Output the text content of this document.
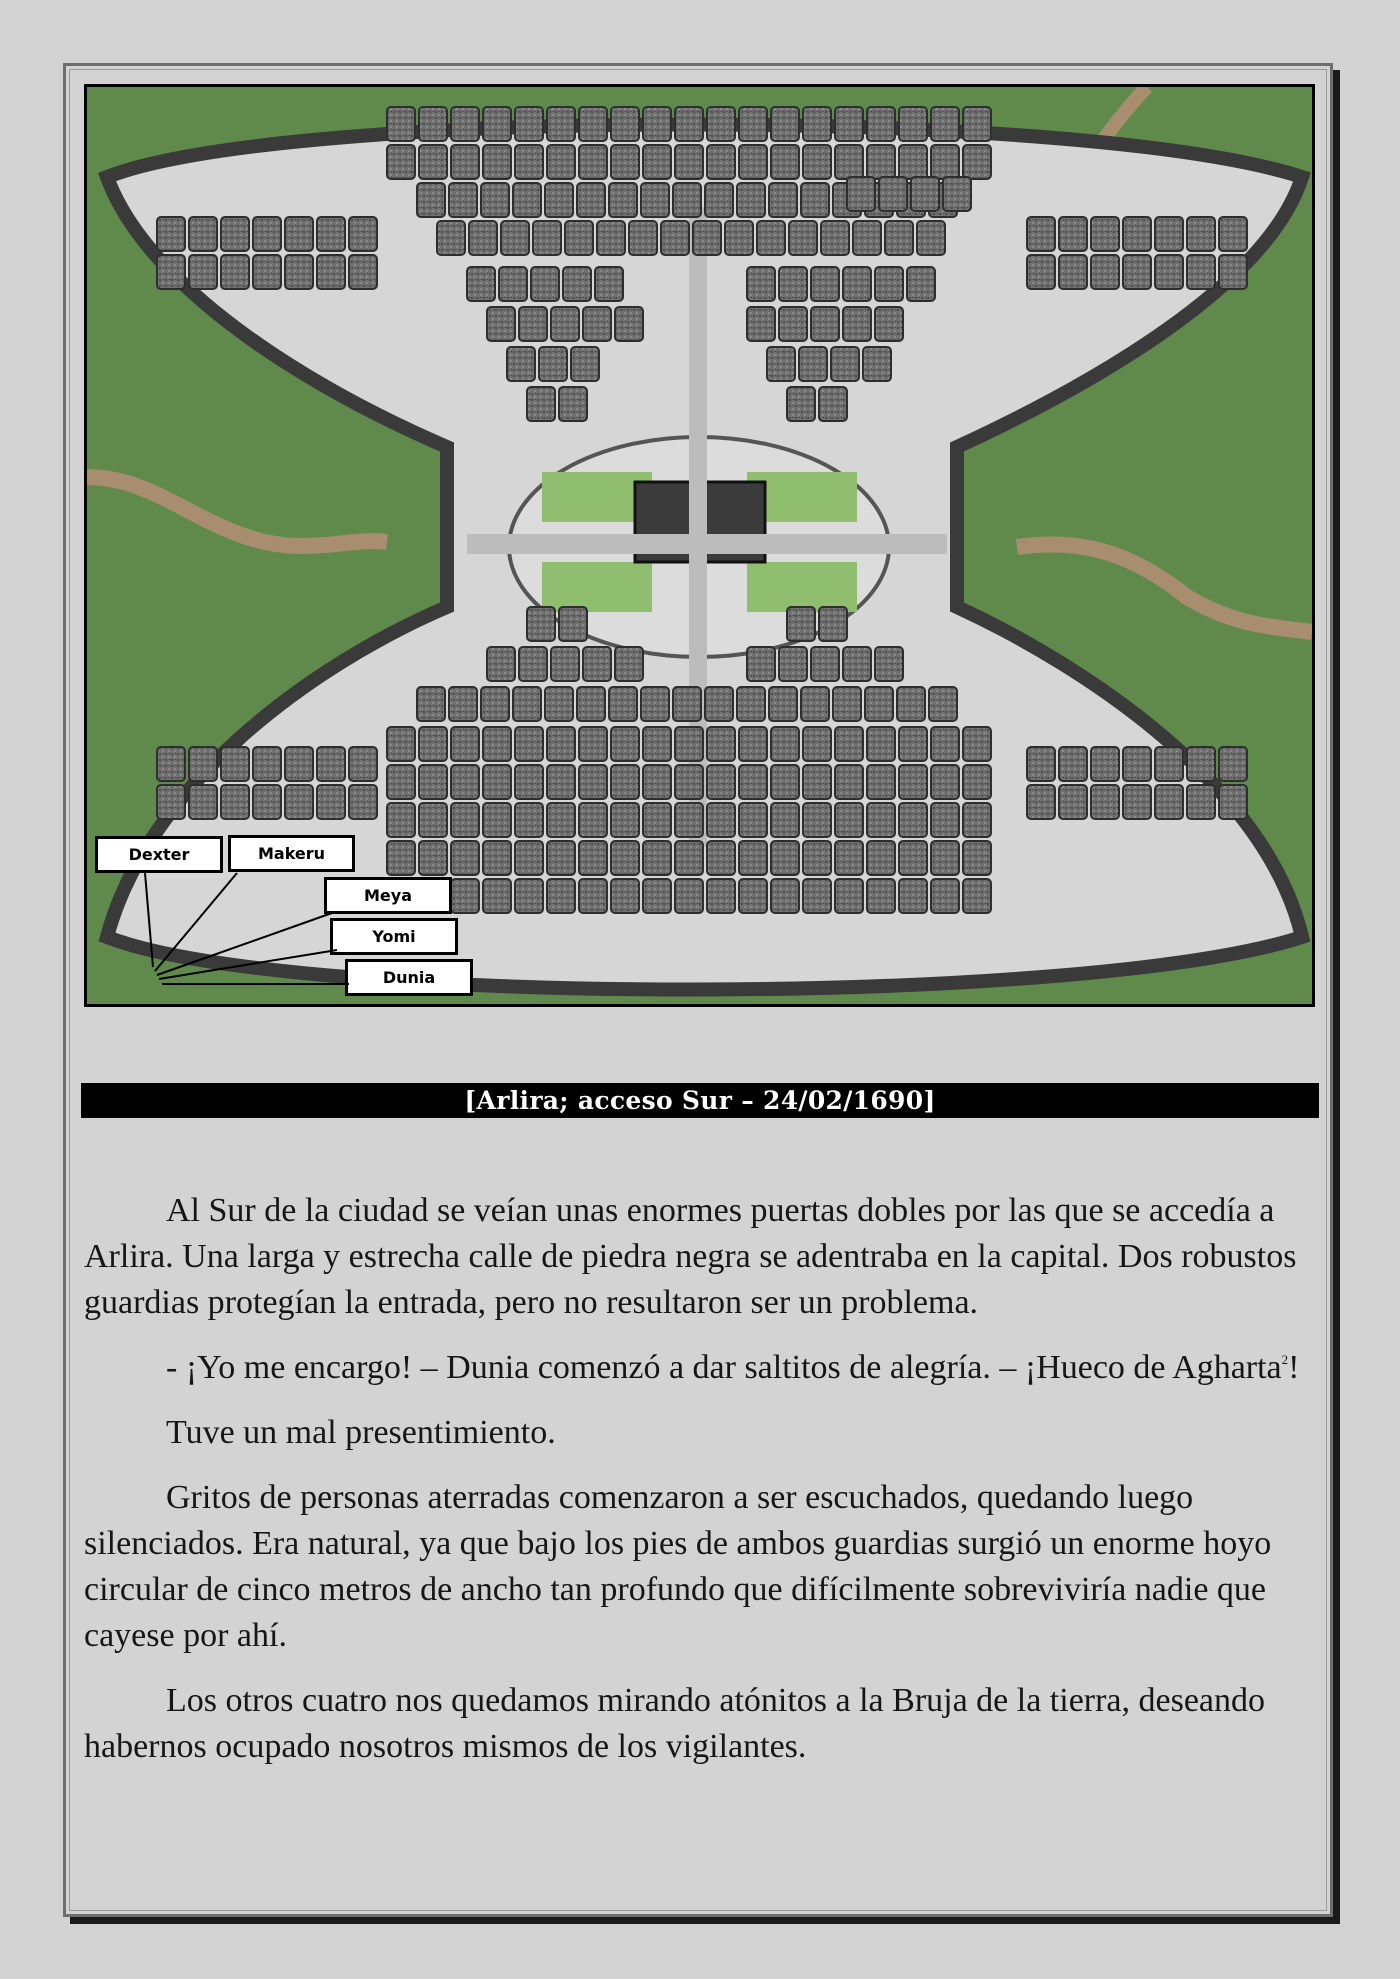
Dexter	Makeru
Meya
Yomi
Dunia
[Arlira; acceso Sur – 24/02/1690]

Al Sur de la ciudad se veían unas enormes puertas dobles por las que se accedía a Arlira. Una larga y estrecha calle de piedra negra se adentraba en la capital. Dos robustos guardias protegían la entrada, pero no resultaron ser un problema.

- ¡Yo me encargo! – Dunia comenzó a dar saltitos de alegría. – ¡Hueco de Agharta$^2$!

Tuve un mal presentimiento.

Gritos de personas aterradas comenzaron a ser escuchados, quedando luego silenciados. Era natural, ya que bajo los pies de ambos guardias surgió un enorme hoyo circular de cinco metros de ancho tan profundo que difícilmente sobreviviría nadie que cayese por ahí.

Los otros cuatro nos quedamos mirando atónitos a la Bruja de la tierra, deseando habernos ocupado nosotros mismos de los vigilantes.
